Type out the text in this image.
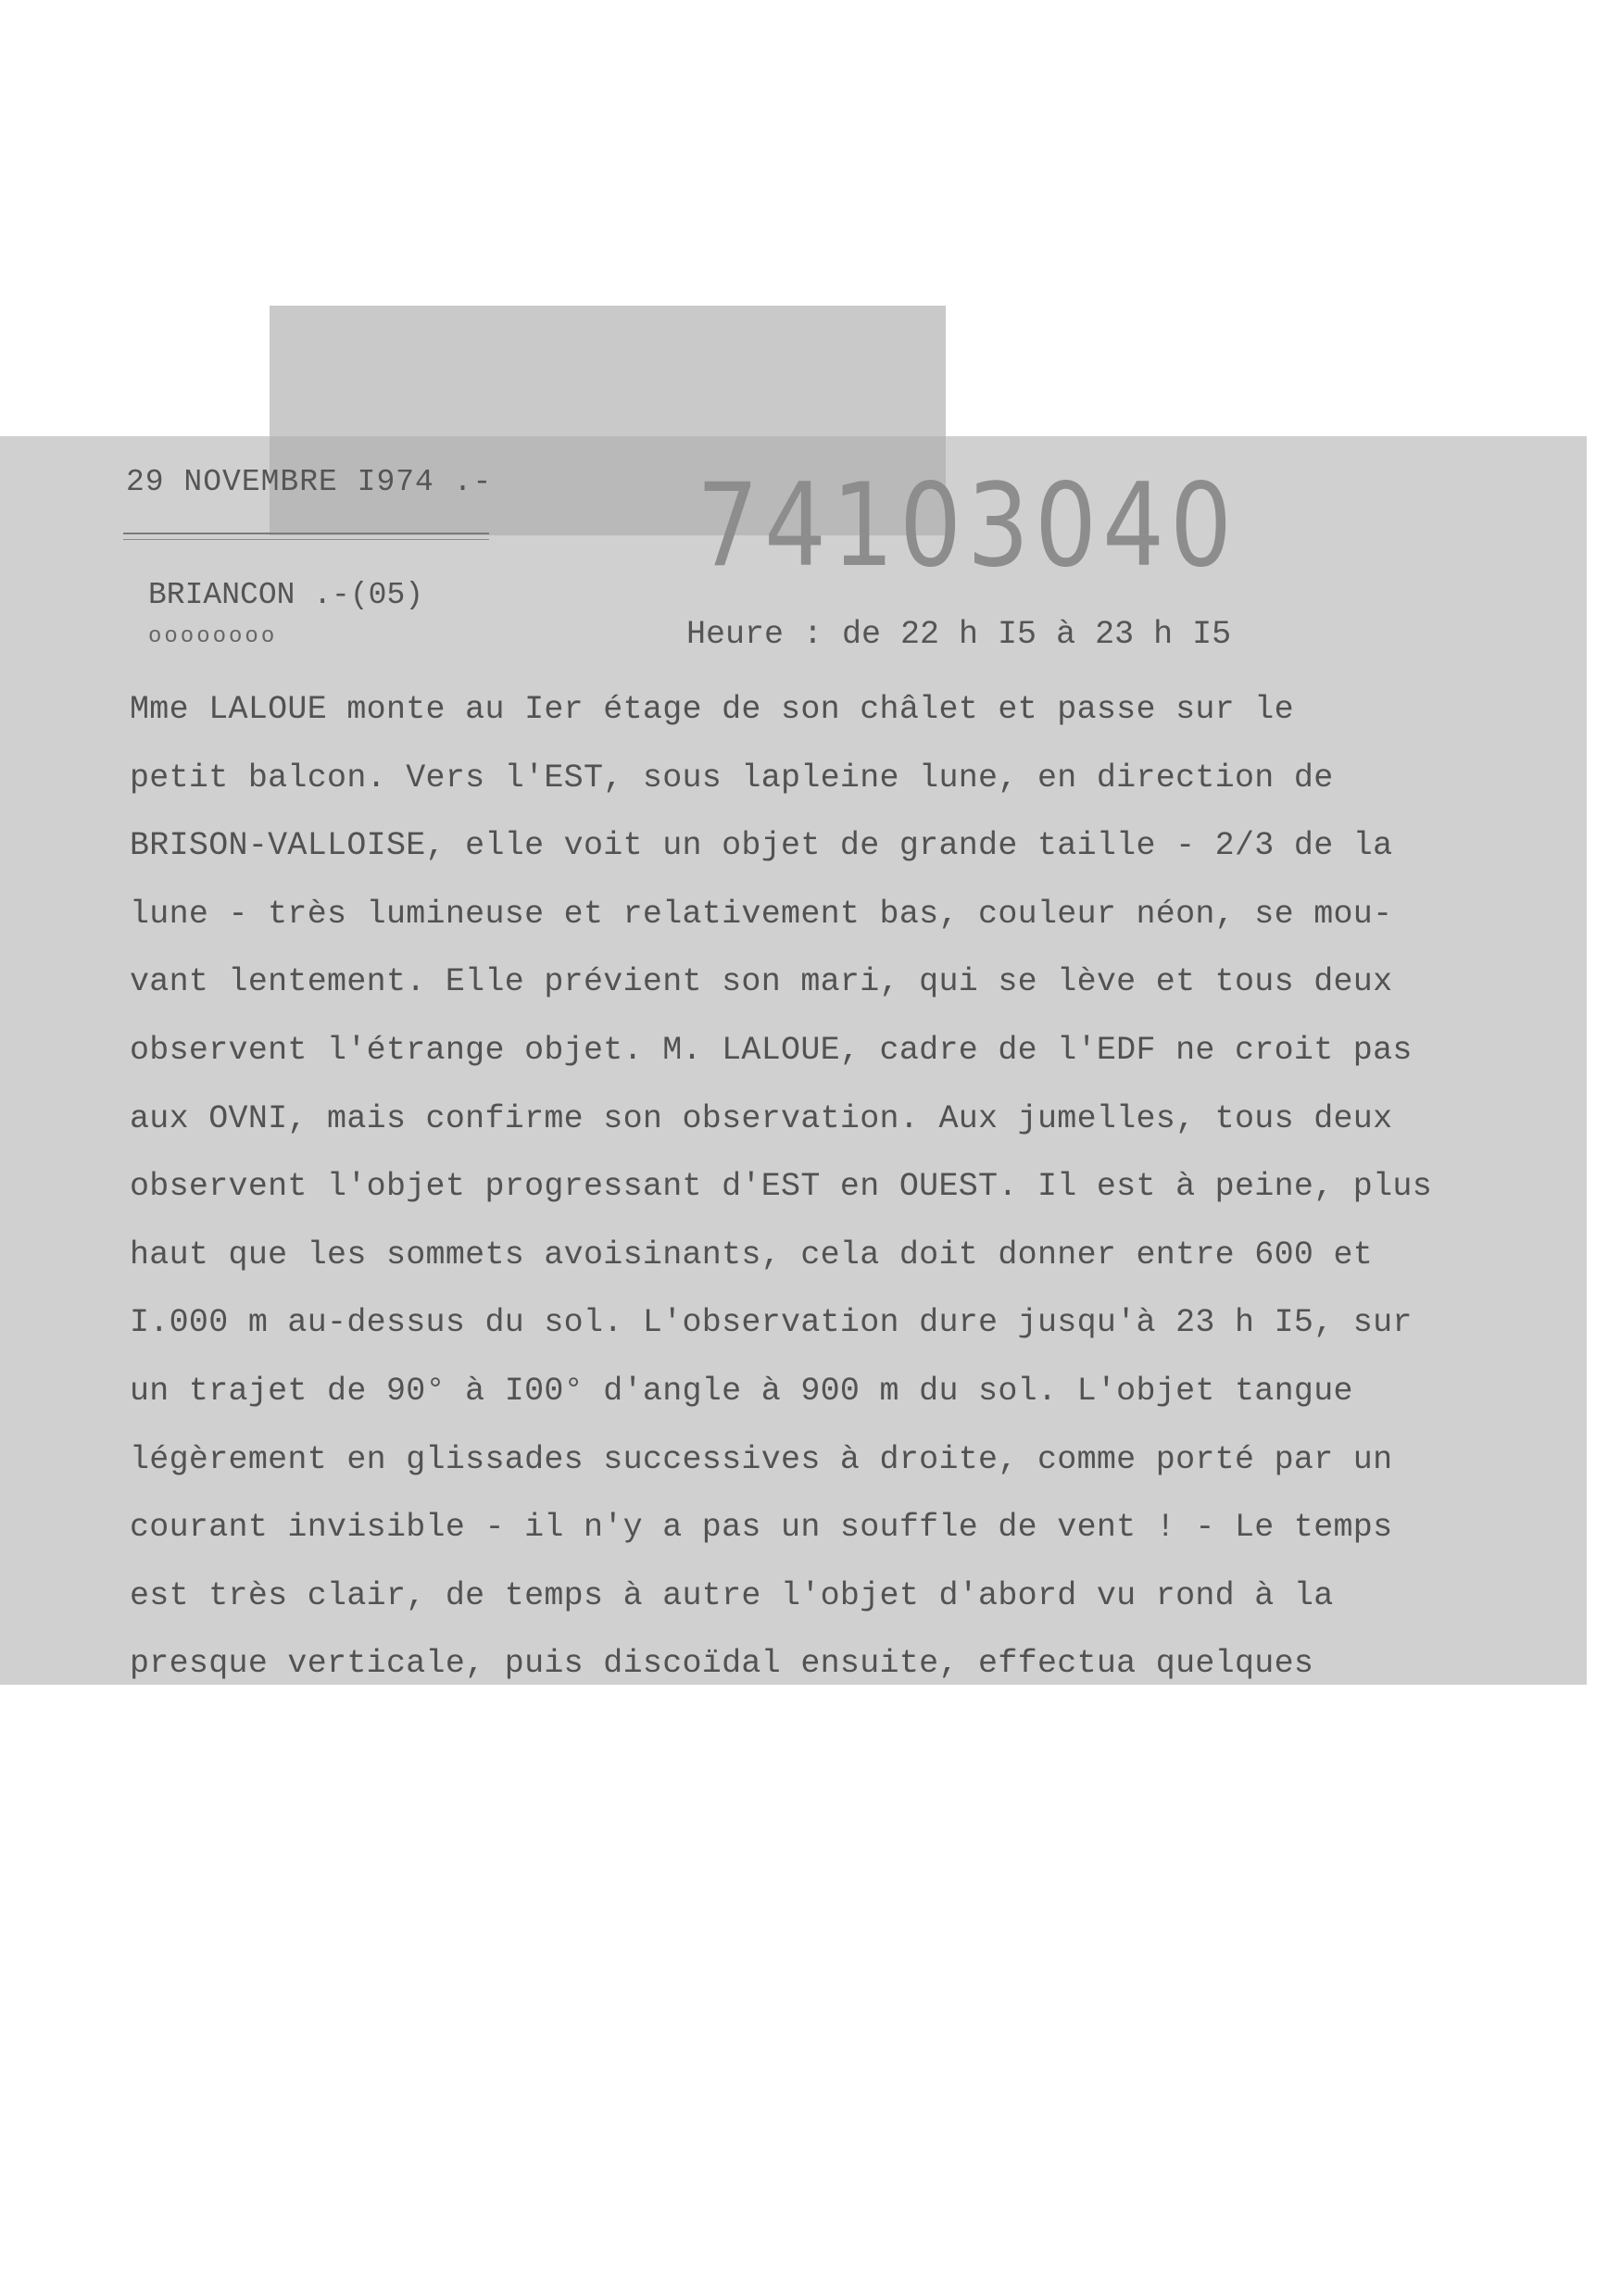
29 NOVEMBRE I974 .- 74103040
BRIANCON .-(05)
oooooooo	Heure : de 22 h I5 à 23 h I5
Mme LALOUE monte au Ier étage de son châlet et passe sur le
petit balcon. Vers l'EST, sous lapleine lune, en direction de
BRISON-VALLOISE, elle voit un objet de grande taille - 2/3 de la
lune - très lumineuse et relativement bas, couleur néon, se mou-
vant lentement. Elle prévient son mari, qui se lève et tous deux
observent l'étrange objet. M. LALOUE, cadre de l'EDF ne croit pas
aux OVNI, mais confirme son observation. Aux jumelles, tous deux
observent l'objet progressant d'EST en OUEST. Il est à peine, plus
haut que les sommets avoisinants, cela doit donner entre 600 et
I.000 m au-dessus du sol. L'observation dure jusqu'à 23 h I5, sur
un trajet de 90° à I00° d'angle à 900 m du sol. L'objet tangue
légèrement en glissades successives à droite, comme porté par un
courant invisible - il n'y a pas un souffle de vent ! - Le temps
est très clair, de temps à autre l'objet d'abord vu rond à la
presque verticale, puis discoïdal ensuite, effectua quelques
